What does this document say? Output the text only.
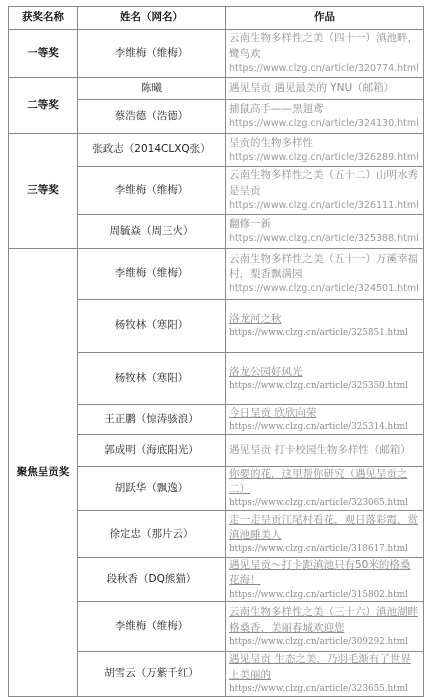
获奖名称	姓名（网名）	作品
一等奖	李维梅（维梅）	云南生物多样性之美（四十一）滇池畔，鹭鸟欢
https://www.clzg.cn/article/320774.html

二等奖	陈曦	遇见呈贡 遇见最美的 YNU（邮箱）

	蔡浩德（浩德）	捕鼠高手——黑翅鸢
https://www.clzg.cn/article/324130.html

三等奖	张政志（2014CLXQ张）	呈贡的生物多样性
https://www.clzg.cn/article/326289.html

	李维梅（维梅）	云南生物多样性之美（五十二）山明水秀是呈贡
https://www.clzg.cn/article/326111.html

	周毓焱（周三火）	翻修一新
https://www.clzg.cn/article/325388.html

聚焦呈贡奖	李维梅（维梅）	云南生物多样性之美（五十一）万溪幸福村，梨香飘满园
https://www.clzg.cn/article/324501.html

	杨牧林（寒阳）	洛龙河之秋
https://www.clzg.cn/article/325851.html

	杨牧林（寒阳）	洛龙公园好风光
https://www.clzg.cn/article/325350.html

	王正鹏（惊涛骇浪）	今日呈贡 欣欣向荣
https://www.clzg.cn/article/325314.html

	郭成明（海底阳光）	遇见呈贡 打卡校园生物多样性（邮箱）

	胡跃华（飘逸）	你要的花，这里帮你研究（遇见呈贡之二）
https://www.clzg.cn/article/323065.html

	徐定忠（那片云）	走一走呈贡江尾村看花，观日落彩霞，赏滇池睡美人
https://www.clzg.cn/article/318617.html

	段秋香（DQ熊猫）	遇见呈贡～打卡距滇池只有50米的格桑花海！
https://www.clzg.cn/article/315802.html

	李维梅（维梅）	云南生物多样性之美（三十六）滇池湖畔格桑香，美丽春城欢迎您
https://www.clzg.cn/article/309292.html

	胡雪云（万紫千红）	遇见呈贡 生态之美，乃羽毛渐有了世界上美丽的
https://www.clzg.cn/article/323655.html
